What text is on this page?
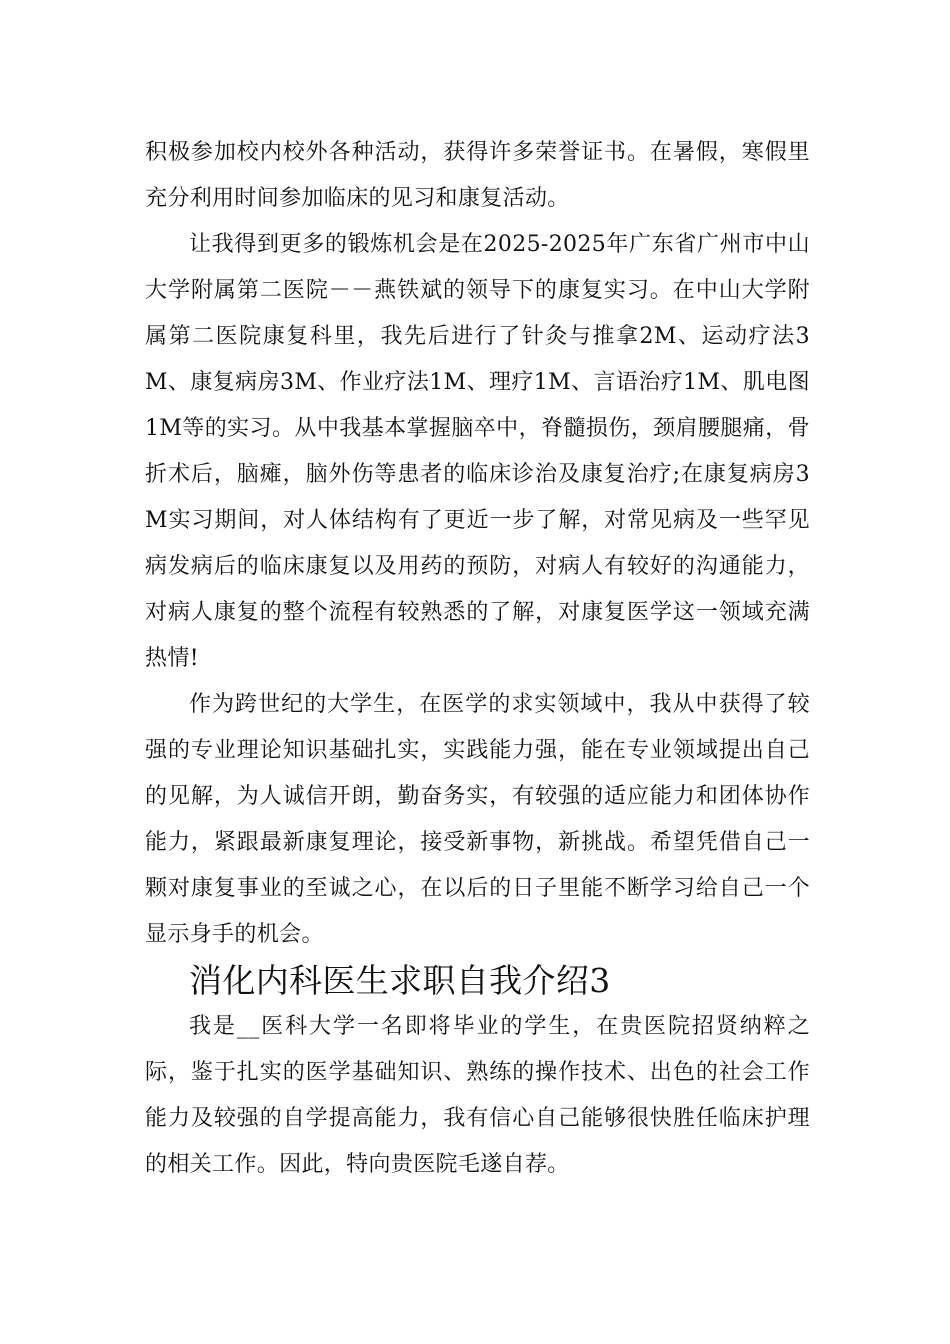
积极参加校内校外各种活动，获得许多荣誉证书。在暑假，寒假里充分利用时间参加临床的见习和康复活动。

让我得到更多的锻炼机会是在2025-2025年广东省广州市中山大学附属第二医院－－燕铁斌的领导下的康复实习。在中山大学附属第二医院康复科里，我先后进行了针灸与推拿2M、运动疗法3M、康复病房3M、作业疗法1M、理疗1M、言语治疗1M、肌电图1M等的实习。从中我基本掌握脑卒中，脊髓损伤，颈肩腰腿痛，骨折术后，脑瘫，脑外伤等患者的临床诊治及康复治疗;在康复病房3M实习期间，对人体结构有了更近一步了解，对常见病及一些罕见病发病后的临床康复以及用药的预防，对病人有较好的沟通能力，对病人康复的整个流程有较熟悉的了解，对康复医学这一领域充满热情!

作为跨世纪的大学生，在医学的求实领域中，我从中获得了较强的专业理论知识基础扎实，实践能力强，能在专业领域提出自己的见解，为人诚信开朗，勤奋务实，有较强的适应能力和团体协作能力，紧跟最新康复理论，接受新事物，新挑战。希望凭借自己一颗对康复事业的至诚之心，在以后的日子里能不断学习给自己一个显示身手的机会。

消化内科医生求职自我介绍3

我是__医科大学一名即将毕业的学生，在贵医院招贤纳粹之际，鉴于扎实的医学基础知识、熟练的操作技术、出色的社会工作能力及较强的自学提高能力，我有信心自己能够很快胜任临床护理的相关工作。因此，特向贵医院毛遂自荐。
